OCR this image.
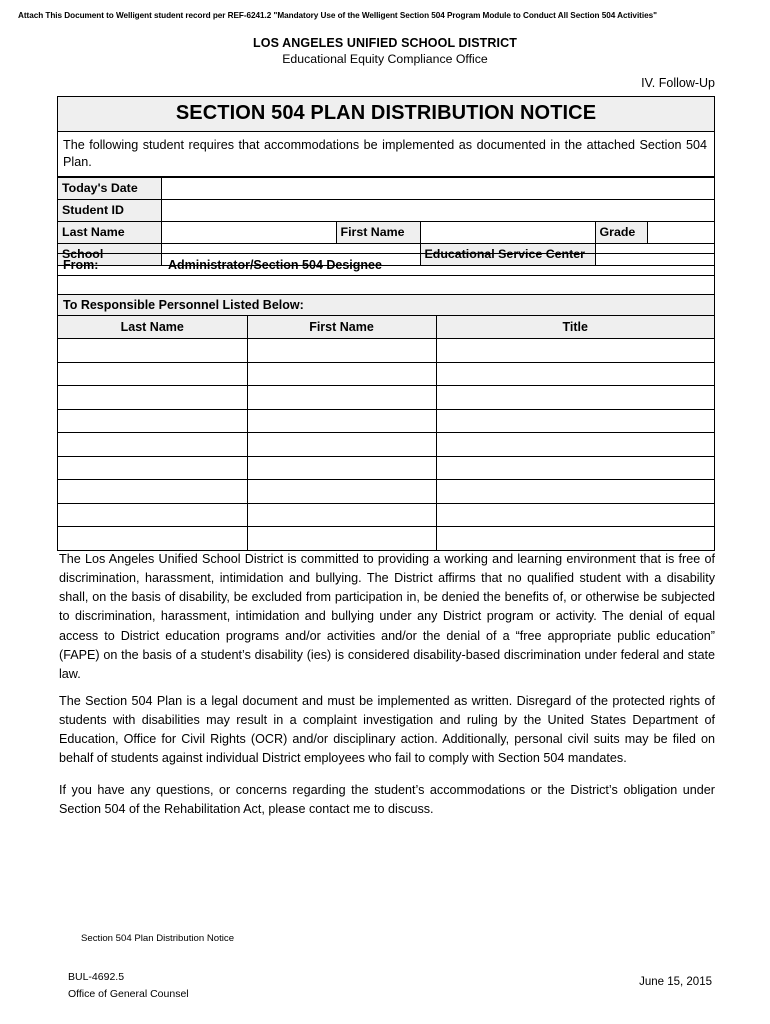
Attach This Document to Welligent student record per REF-6241.2 "Mandatory Use of the Welligent Section 504 Program Module to Conduct All Section 504 Activities"
LOS ANGELES UNIFIED SCHOOL DISTRICT
Educational Equity Compliance Office
IV. Follow-Up
SECTION 504 PLAN DISTRIBUTION NOTICE
The following student requires that accommodations be implemented as documented in the attached Section 504 Plan.
Today's Date					
Student ID					
Last Name		First Name		Grade	
School			Educational Service Center		
From:	Administrator/Section 504 Designee
To Responsible Personnel Listed Below:
Last Name	First Name	Title

The Los Angeles Unified School District is committed to providing a working and learning environment that is free of discrimination, harassment, intimidation and bullying. The District affirms that no qualified student with a disability shall, on the basis of disability, be excluded from participation in, be denied the benefits of, or otherwise be subjected to discrimination, harassment, intimidation and bullying under any District program or activity. The denial of equal access to District education programs and/or activities and/or the denial of a “free appropriate public education” (FAPE) on the basis of a student’s disability (ies) is considered disability-based discrimination under federal and state law.
The Section 504 Plan is a legal document and must be implemented as written. Disregard of the protected rights of students with disabilities may result in a complaint investigation and ruling by the United States Department of Education, Office for Civil Rights (OCR) and/or disciplinary action. Additionally, personal civil suits may be filed on behalf of students against individual District employees who fail to comply with Section 504 mandates.
If you have any questions, or concerns regarding the student’s accommodations or the District’s obligation under Section 504 of the Rehabilitation Act, please contact me to discuss.
Section 504 Plan Distribution Notice
BUL-4692.5
Office of General Counsel
June 15, 2015
